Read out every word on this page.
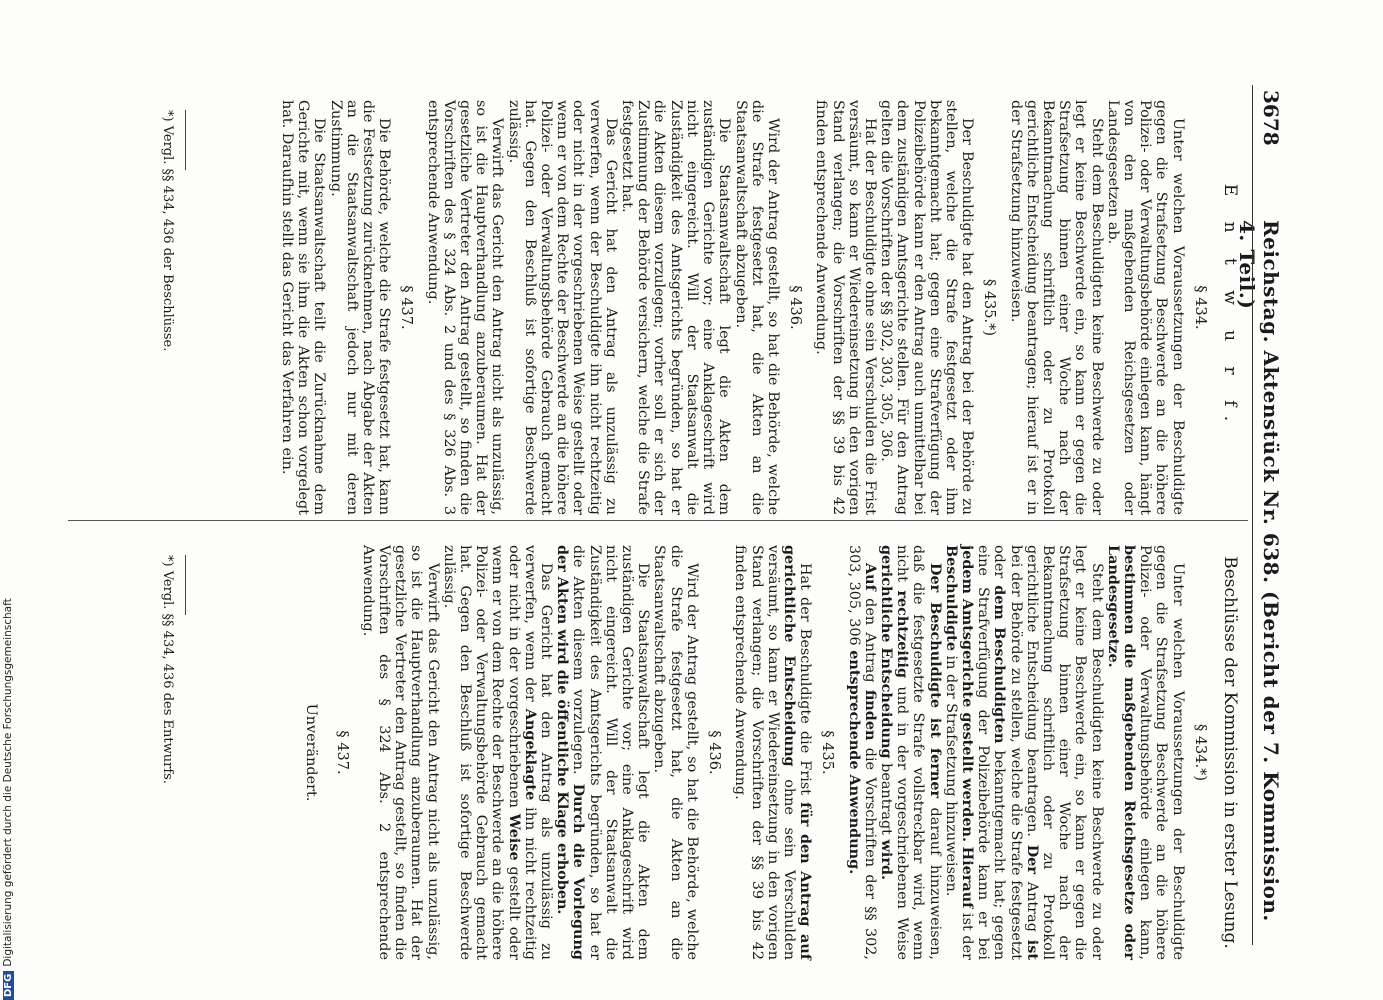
3678
Reichstag. Aktenstück Nr. 638. (Bericht der 7. Kommission. 4. Teil.)
E n t w u r f.
§ 434.

Unter welchen Voraussetzungen der Beschuldigte gegen die Strafsetzung Beschwerde an die höhere Polizei- oder Verwaltungsbehörde einlegen kann, hängt von den maßgebenden Reichsgesetzen oder Landesgesetzen ab.

Steht dem Beschuldigten keine Beschwerde zu oder legt er keine Beschwerde ein, so kann er gegen die Strafsetzung binnen einer Woche nach der Bekanntmachung schriftlich oder zu Protokoll gerichtliche Entscheidung beantragen; hierauf ist er in der Strafsetzung hinzuweisen.

§ 435.*)

Der Beschuldigte hat den Antrag bei der Behörde zu stellen, welche die Strafe festgesetzt oder ihm bekanntgemacht hat; gegen eine Strafverfügung der Polizeibehörde kann er den Antrag auch unmittelbar bei dem zuständigen Amtsgerichte stellen. Für den Antrag gelten die Vorschriften der §§ 302, 303, 305, 306.

Hat der Beschuldigte ohne sein Verschulden die Frist versäumt, so kann er Wiedereinsetzung in den vorigen Stand verlangen; die Vorschriften der §§ 39 bis 42 finden entsprechende Anwendung.

§ 436.

Wird der Antrag gestellt, so hat die Behörde, welche die Strafe festgesetzt hat, die Akten an die Staatsanwaltschaft abzugeben.

Die Staatsanwaltschaft legt die Akten dem zuständigen Gerichte vor; eine Anklageschrift wird nicht eingereicht. Will der Staatsanwalt die Zuständigkeit des Amtsgerichts begründen, so hat er die Akten diesem vorzulegen; vorher soll er sich der Zustimmung der Behörde versichern, welche die Strafe festgesetzt hat.

Das Gericht hat den Antrag als unzulässig zu verwerfen, wenn der Beschuldigte ihn nicht rechtzeitig oder nicht in der vorgeschriebenen Weise gestellt oder wenn er von dem Rechte der Beschwerde an die höhere Polizei- oder Verwaltungsbehörde Gebrauch gemacht hat. Gegen den Beschluß ist sofortige Beschwerde zulässig.

Verwirft das Gericht den Antrag nicht als unzulässig, so ist die Hauptverhandlung anzuberaumen. Hat der gesetzliche Vertreter den Antrag gestellt, so finden die Vorschriften des § 324 Abs. 2 und des § 326 Abs. 3 entsprechende Anwendung.

§ 437.

Die Behörde, welche die Strafe festgesetzt hat, kann die Festsetzung zurücknehmen, nach Abgabe der Akten an die Staatsanwaltschaft jedoch nur mit deren Zustimmung.

Die Staatsanwaltschaft teilt die Zurücknahme dem Gerichte mit, wenn sie ihm die Akten schon vorgelegt hat. Daraufhin stellt das Gericht das Verfahren ein.

Beschlüsse der Kommission in erster Lesung.
§ 434.*)

Unter welchen Voraussetzungen der Beschuldigte gegen die Strafsetzung Beschwerde an die höhere Polizei- oder Verwaltungsbehörde einlegen kann, bestimmen die maßgebenden Reichsgesetze oder Landesgesetze.

Steht dem Beschuldigten keine Beschwerde zu oder legt er keine Beschwerde ein, so kann er gegen die Strafsetzung binnen einer Woche nach der Bekanntmachung schriftlich oder zu Protokoll gerichtliche Entscheidung beantragen. Der Antrag ist bei der Behörde zu stellen, welche die Strafe festgesetzt oder dem Beschuldigten bekanntgemacht hat; gegen eine Strafverfügung der Polizeibehörde kann er bei jedem Amtsgerichte gestellt werden. Hierauf ist der Beschuldigte in der Strafsetzung hinzuweisen.

Der Beschuldigte ist ferner darauf hinzuweisen, daß die festgesetzte Strafe vollstreckbar wird, wenn nicht rechtzeitig und in der vorgeschriebenen Weise gerichtliche Entscheidung beantragt wird.

Auf den Antrag finden die Vorschriften der §§ 302, 303, 305, 306 entsprechende Anwendung.

§ 435.

Hat der Beschuldigte die Frist für den Antrag auf gerichtliche Entscheidung ohne sein Verschulden versäumt, so kann er Wiedereinsetzung in den vorigen Stand verlangen; die Vorschriften der §§ 39 bis 42 finden entsprechende Anwendung.

§ 436.

Wird der Antrag gestellt, so hat die Behörde, welche die Strafe festgesetzt hat, die Akten an die Staatsanwaltschaft abzugeben.

Die Staatsanwaltschaft legt die Akten dem zuständigen Gerichte vor; eine Anklageschrift wird nicht eingereicht. Will der Staatsanwalt die Zuständigkeit des Amtsgerichts begründen, so hat er die Akten diesem vorzulegen. Durch die Vorlegung der Akten wird die öffentliche Klage erhoben.

Das Gericht hat den Antrag als unzulässig zu verwerfen, wenn der Angeklagte ihn nicht rechtzeitig oder nicht in der vorgeschriebenen Weise gestellt oder wenn er von dem Rechte der Beschwerde an die höhere Polizei- oder Verwaltungsbehörde Gebrauch gemacht hat. Gegen den Beschluß ist sofortige Beschwerde zulässig.

Verwirft das Gericht den Antrag nicht als unzulässig, so ist die Hauptverhandlung anzuberaumen. Hat der gesetzliche Vertreter den Antrag gestellt, so finden die Vorschriften des § 324 Abs. 2 entsprechende Anwendung.

§ 437.
Unverändert.
*) Vergl. §§ 434, 436 der Beschlüsse.
*) Vergl. §§ 434, 436 des Entwurfs.
DFGDigitalisierung gefördert durch die Deutsche Forschungsgemeinschaft
